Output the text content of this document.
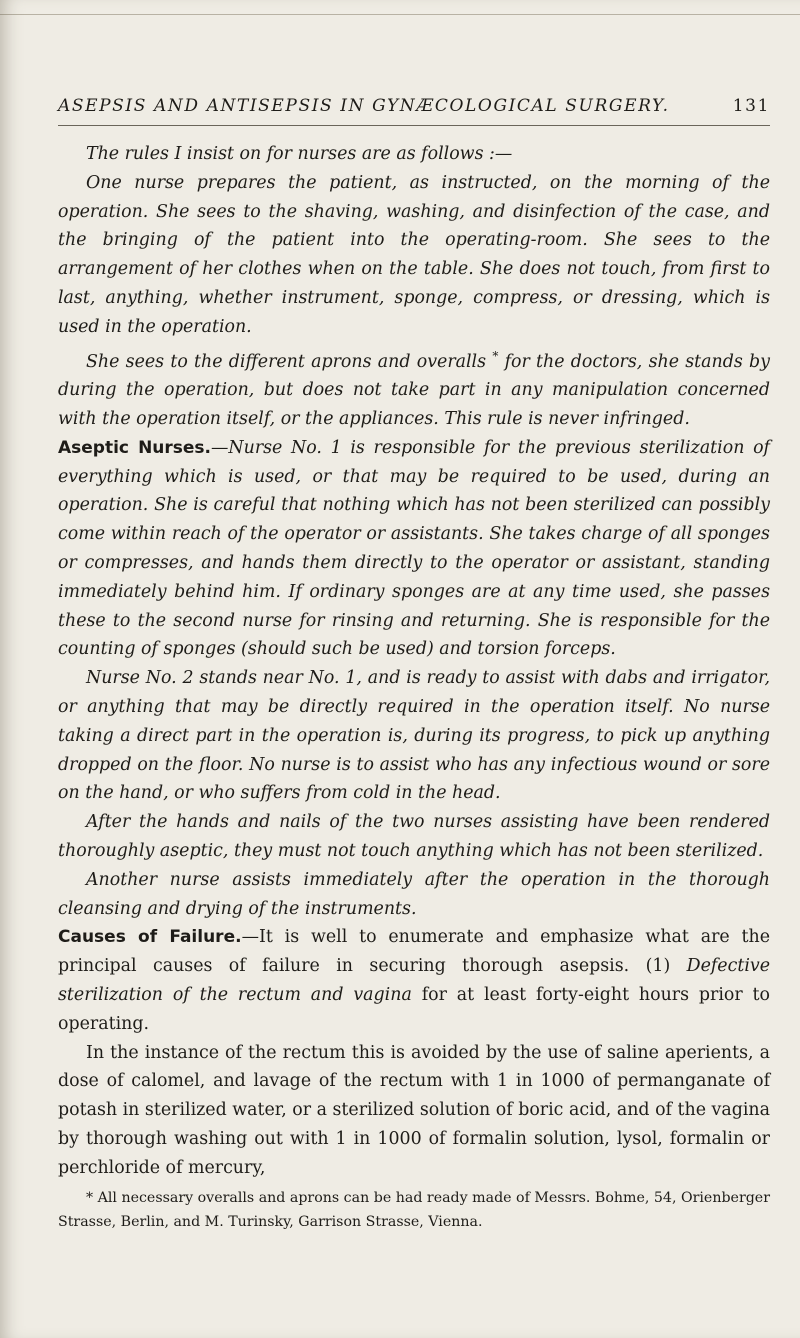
ASEPSIS AND ANTISEPSIS IN GYNÆCOLOGICAL SURGERY.	131

The rules I insist on for nurses are as follows :—

One nurse prepares the patient, as instructed, on the morning of the operation. She sees to the shaving, washing, and disinfection of the case, and the bringing of the patient into the operating-room. She sees to the arrangement of her clothes when on the table. She does not touch, from first to last, anything, whether instrument, sponge, compress, or dressing, which is used in the operation.

She sees to the different aprons and overalls * for the doctors, she stands by during the operation, but does not take part in any manipulation concerned with the operation itself, or the appliances. This rule is never infringed.

Aseptic Nurses.—Nurse No. 1 is responsible for the previous sterilization of everything which is used, or that may be required to be used, during an operation. She is careful that nothing which has not been sterilized can possibly come within reach of the operator or assistants. She takes charge of all sponges or compresses, and hands them directly to the operator or assistant, standing immediately behind him. If ordinary sponges are at any time used, she passes these to the second nurse for rinsing and returning. She is responsible for the counting of sponges (should such be used) and torsion forceps.

Nurse No. 2 stands near No. 1, and is ready to assist with dabs and irrigator, or anything that may be directly required in the operation itself. No nurse taking a direct part in the operation is, during its progress, to pick up anything dropped on the floor. No nurse is to assist who has any infectious wound or sore on the hand, or who suffers from cold in the head.

After the hands and nails of the two nurses assisting have been rendered thoroughly aseptic, they must not touch anything which has not been sterilized.

Another nurse assists immediately after the operation in the thorough cleansing and drying of the instruments.

Causes of Failure.—It is well to enumerate and emphasize what are the principal causes of failure in securing thorough asepsis. (1) Defective sterilization of the rectum and vagina for at least forty-eight hours prior to operating.

In the instance of the rectum this is avoided by the use of saline aperients, a dose of calomel, and lavage of the rectum with 1 in 1000 of permanganate of potash in sterilized water, or a sterilized solution of boric acid, and of the vagina by thorough washing out with 1 in 1000 of formalin solution, lysol, formalin or perchloride of mercury,

* All necessary overalls and aprons can be had ready made of Messrs. Bohme, 54, Orienberger Strasse, Berlin, and M. Turinsky, Garrison Strasse, Vienna.
